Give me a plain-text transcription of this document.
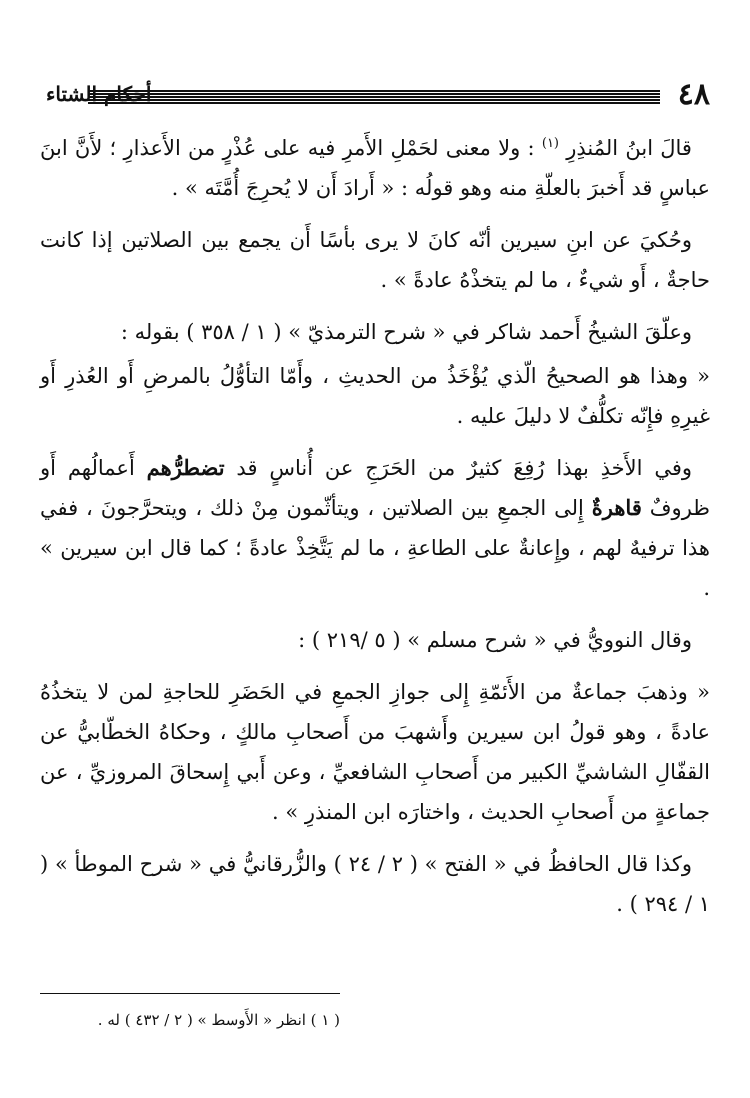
٤٨
أحكام الشتاء

قالَ ابنُ المُنذِرِ $^{(١)}$ : ولا معنى لحَمْلِ الأَمرِ فيه على عُذْرٍ من الأَعذارِ ؛ لأَنَّ ابنَ عباسٍ قد أَخبرَ بالعلّةِ منه وهو قولُه : « أَرادَ أَن لا يُحرِجَ أُمَّتَه » .

وحُكيَ عن ابنِ سيرين أنّه كانَ لا يرى بأسًا أَن يجمع بين الصلاتين إذا كانت حاجةٌ ، أَو شيءٌ ، ما لم يتخذْهُ عادةً » .

وعلّقَ الشيخُ أَحمد شاكر في « شرح الترمذيّ » ( ١ / ٣٥٨ ) بقوله :

« وهذا هو الصحيحُ الّذي يُؤْخَذُ من الحديثِ ، وأَمّا التأوُّلُ بالمرضِ أَو العُذرِ أَو غيرِهِ فإِنّه تكلُّفٌ لا دليلَ عليه .

وفي الأَخذِ بهذا رُفِعَ كثيرٌ من الحَرَجِ عن أُناسٍ قد تضطرُّهم أَعمالُهم أَو ظروفٌ قاهرةٌ إِلى الجمعِ بين الصلاتين ، ويتأثّمون مِنْ ذلك ، ويتحرَّجونَ ، ففي هذا ترفيهٌ لهم ، وإِعانةٌ على الطاعةِ ، ما لم يَتَّخِذْ عادةً ؛ كما قال ابن سيرين » .

وقال النوويُّ في « شرح مسلم » ( ٥ /٢١٩ ) :

« وذهبَ جماعةٌ من الأَئمّةِ إِلى جوازِ الجمعِ في الحَضَرِ للحاجةِ لمن لا يتخذُهُ عادةً ، وهو قولُ ابن سيرين وأَشهبَ من أَصحابِ مالكٍ ، وحكاهُ الخطّابيُّ عن القفّالِ الشاشيِّ الكبير من أَصحابِ الشافعيِّ ، وعن أَبي إِسحاقَ المروزيِّ ، عن جماعةٍ من أَصحابِ الحديث ، واختارَه ابن المنذرِ » .

وكذا قال الحافظُ في « الفتح » ( ٢ / ٢٤ ) والزُّرقانيُّ في « شرح الموطأ » ( ١ / ٢٩٤ ) .

( ١ ) انظر « الأَوسط » ( ٢ / ٤٣٢ ) له .
